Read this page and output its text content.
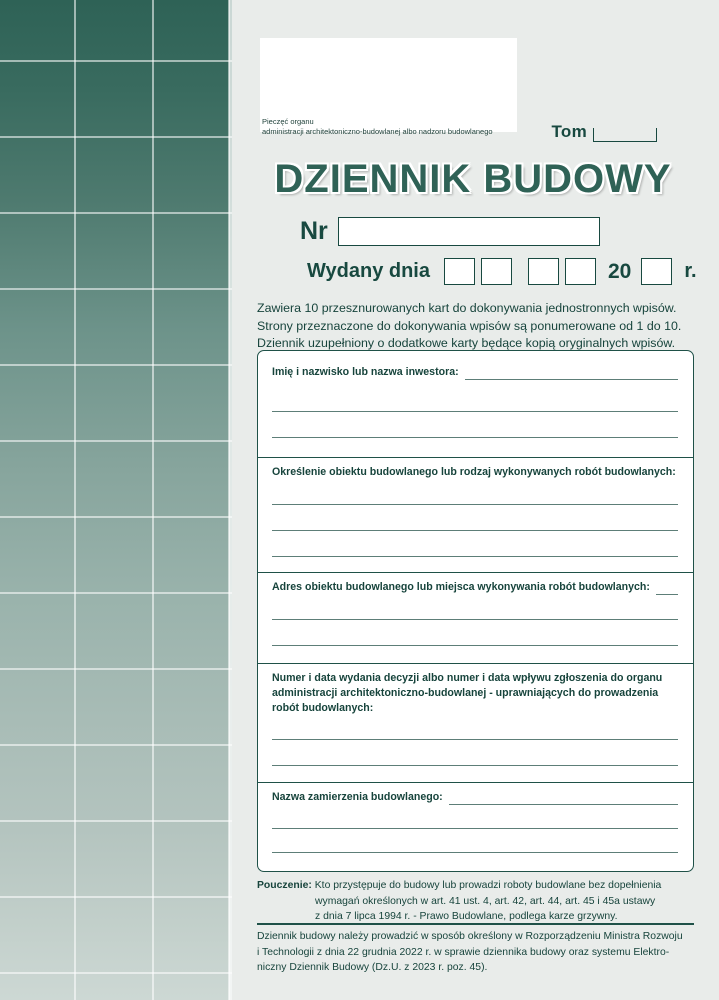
Pieczęć organu
administracji architektoniczno-budowlanej albo nadzoru budowlanego	Tom
DZIENNIK BUDOWY
Nr
Wydany dnia	20	r.
Zawiera 10 przesznurowanych kart do dokonywania jednostronnych wpisów.
Strony przeznaczone do dokonywania wpisów są ponumerowane od 1 do 10.
Dziennik uzupełniony o dodatkowe karty będące kopią oryginalnych wpisów.
Imię i nazwisko lub nazwa inwestora:
Określenie obiektu budowlanego lub rodzaj wykonywanych robót budowlanych:
Adres obiektu budowlanego lub miejsca wykonywania robót budowlanych:
Numer i data wydania decyzji albo numer i data wpływu zgłoszenia do organu
administracji architektoniczno-budowlanej - uprawniających do prowadzenia
robót budowlanych:
Nazwa zamierzenia budowlanego:
Pouczenie: Kto przystępuje do budowy lub prowadzi roboty budowlane bez dopełnienia
wymagań określonych w art. 41 ust. 4, art. 42, art. 44, art. 45 i 45a ustawy
z dnia 7 lipca 1994 r. - Prawo Budowlane, podlega karze grzywny.
Dziennik budowy należy prowadzić w sposób określony w Rozporządzeniu Ministra Rozwoju
i Technologii z dnia 22 grudnia 2022 r. w sprawie dziennika budowy oraz systemu Elektro-
niczny Dziennik Budowy (Dz.U. z 2023 r. poz. 45).
